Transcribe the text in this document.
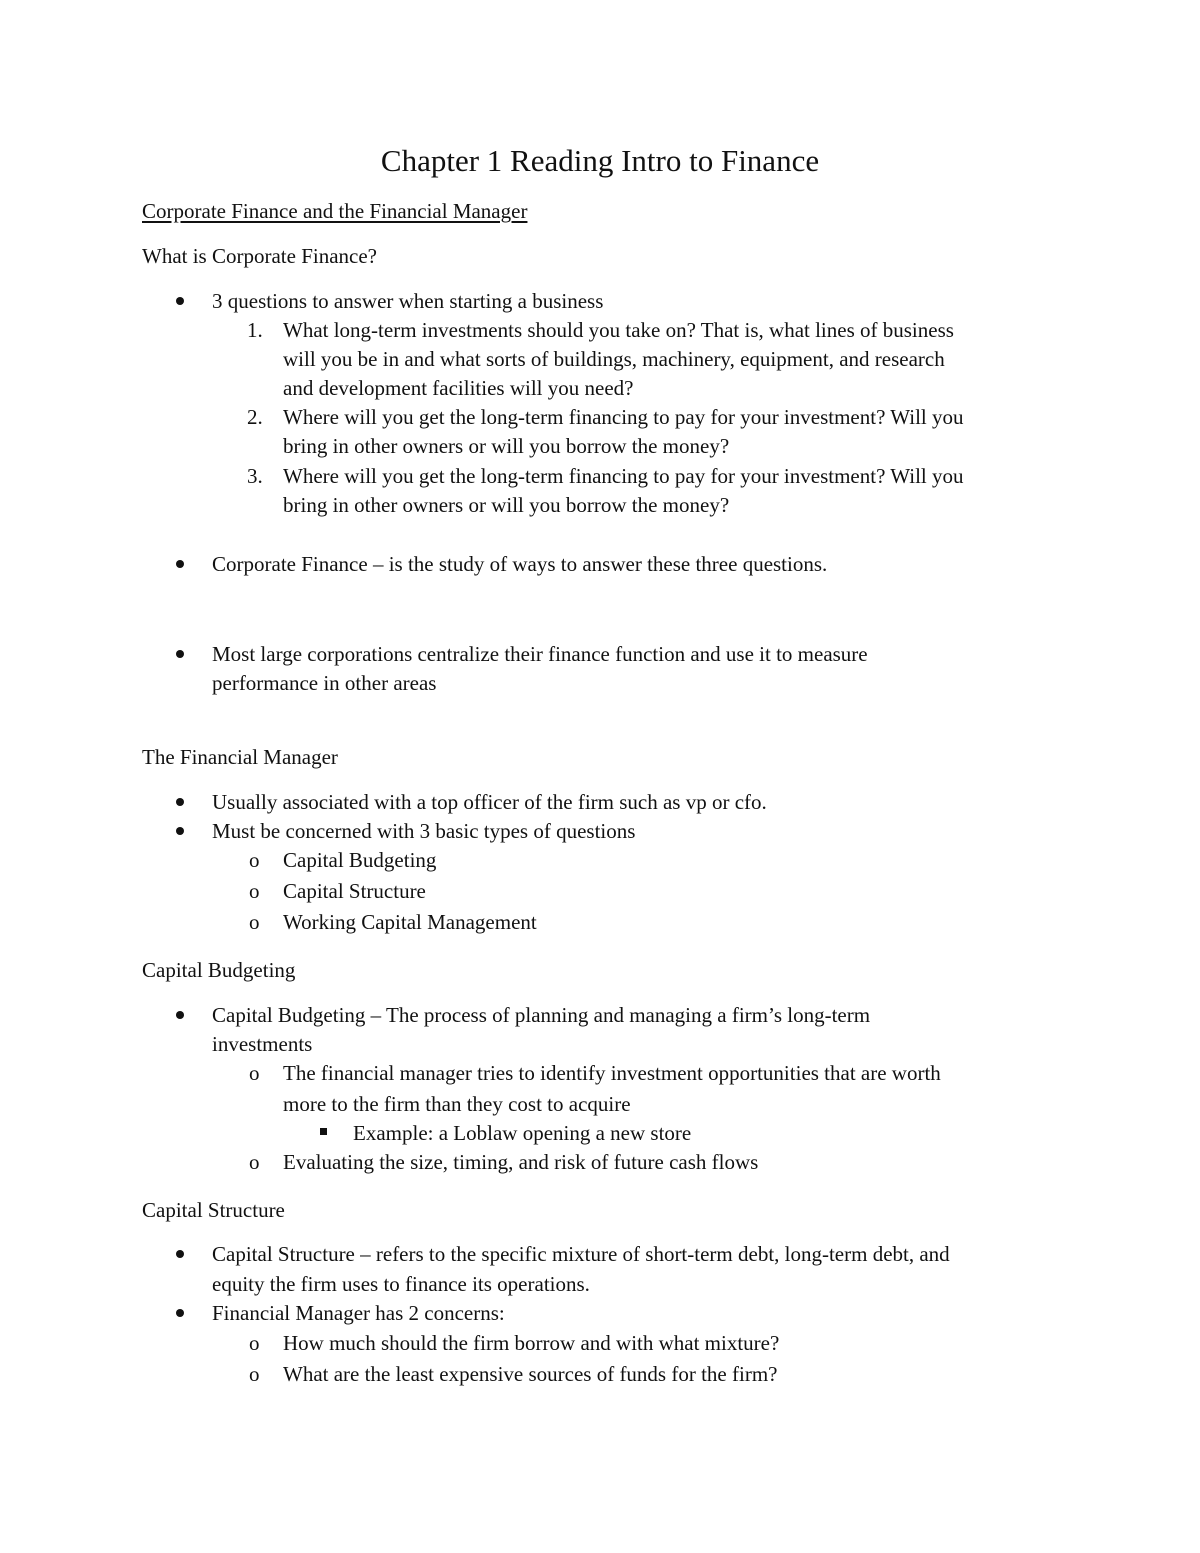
Chapter 1 Reading Intro to Finance
Corporate Finance and the Financial Manager
What is Corporate Finance?
3 questions to answer when starting a business
1. What long-term investments should you take on? That is, what lines of business
will you be in and what sorts of buildings, machinery, equipment, and research
and development facilities will you need?
2. Where will you get the long-term financing to pay for your investment? Will you
bring in other owners or will you borrow the money?
3. Where will you get the long-term financing to pay for your investment? Will you
bring in other owners or will you borrow the money?
Corporate Finance – is the study of ways to answer these three questions.
Most large corporations centralize their finance function and use it to measure
performance in other areas
The Financial Manager
Usually associated with a top officer of the firm such as vp or cfo.
Must be concerned with 3 basic types of questions
o Capital Budgeting
o Capital Structure
o Working Capital Management
Capital Budgeting
Capital Budgeting – The process of planning and managing a firm’s long-term
investments
o The financial manager tries to identify investment opportunities that are worth
more to the firm than they cost to acquire
Example: a Loblaw opening a new store
o Evaluating the size, timing, and risk of future cash flows
Capital Structure
Capital Structure – refers to the specific mixture of short-term debt, long-term debt, and
equity the firm uses to finance its operations.
Financial Manager has 2 concerns:
o How much should the firm borrow and with what mixture?
o What are the least expensive sources of funds for the firm?
